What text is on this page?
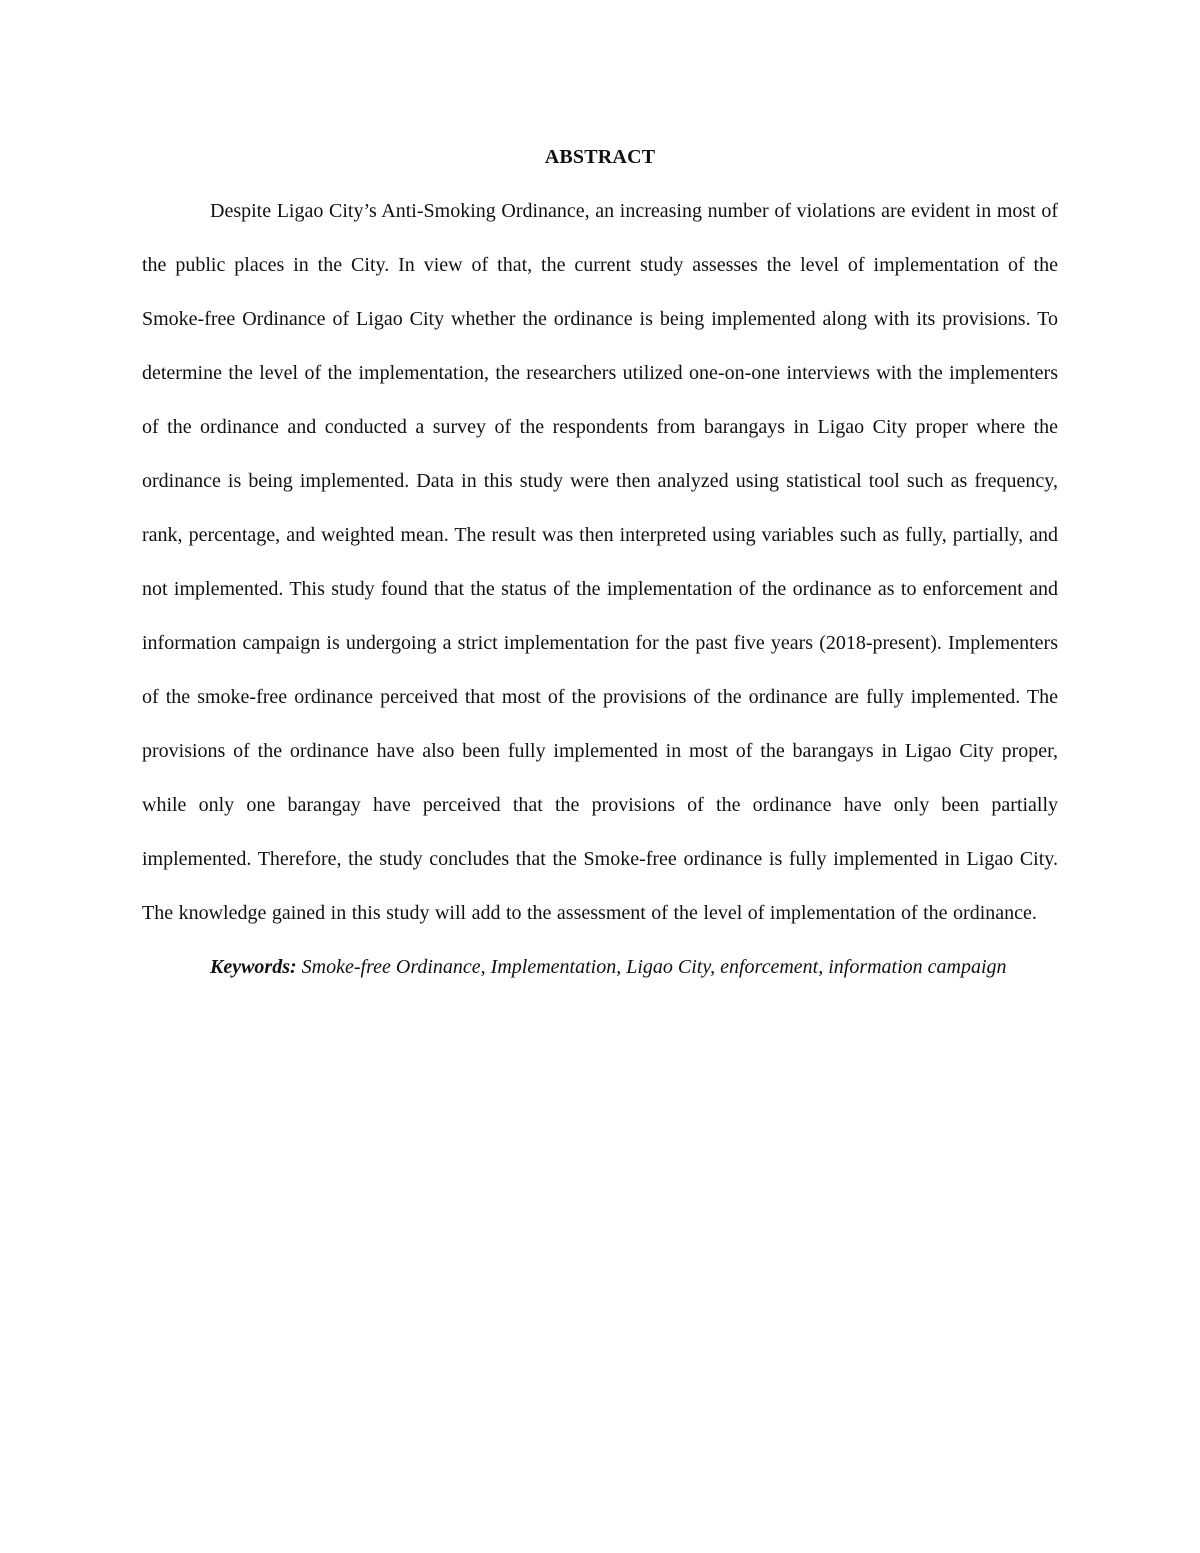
ABSTRACT

Despite Ligao City’s Anti-Smoking Ordinance, an increasing number of violations are evident in most of the public places in the City. In view of that, the current study assesses the level of implementation of the Smoke-free Ordinance of Ligao City whether the ordinance is being implemented along with its provisions. To determine the level of the implementation, the researchers utilized one-on-one interviews with the implementers of the ordinance and conducted a survey of the respondents from barangays in Ligao City proper where the ordinance is being implemented. Data in this study were then analyzed using statistical tool such as frequency, rank, percentage, and weighted mean. The result was then interpreted using variables such as fully, partially, and not implemented. This study found that the status of the implementation of the ordinance as to enforcement and information campaign is undergoing a strict implementation for the past five years (2018-present). Implementers of the smoke-free ordinance perceived that most of the provisions of the ordinance are fully implemented. The provisions of the ordinance have also been fully implemented in most of the barangays in Ligao City proper, while only one barangay have perceived that the provisions of the ordinance have only been partially implemented. Therefore, the study concludes that the Smoke-free ordinance is fully implemented in Ligao City. The knowledge gained in this study will add to the assessment of the level of implementation of the ordinance.

Keywords: Smoke-free Ordinance, Implementation, Ligao City, enforcement, information campaign
